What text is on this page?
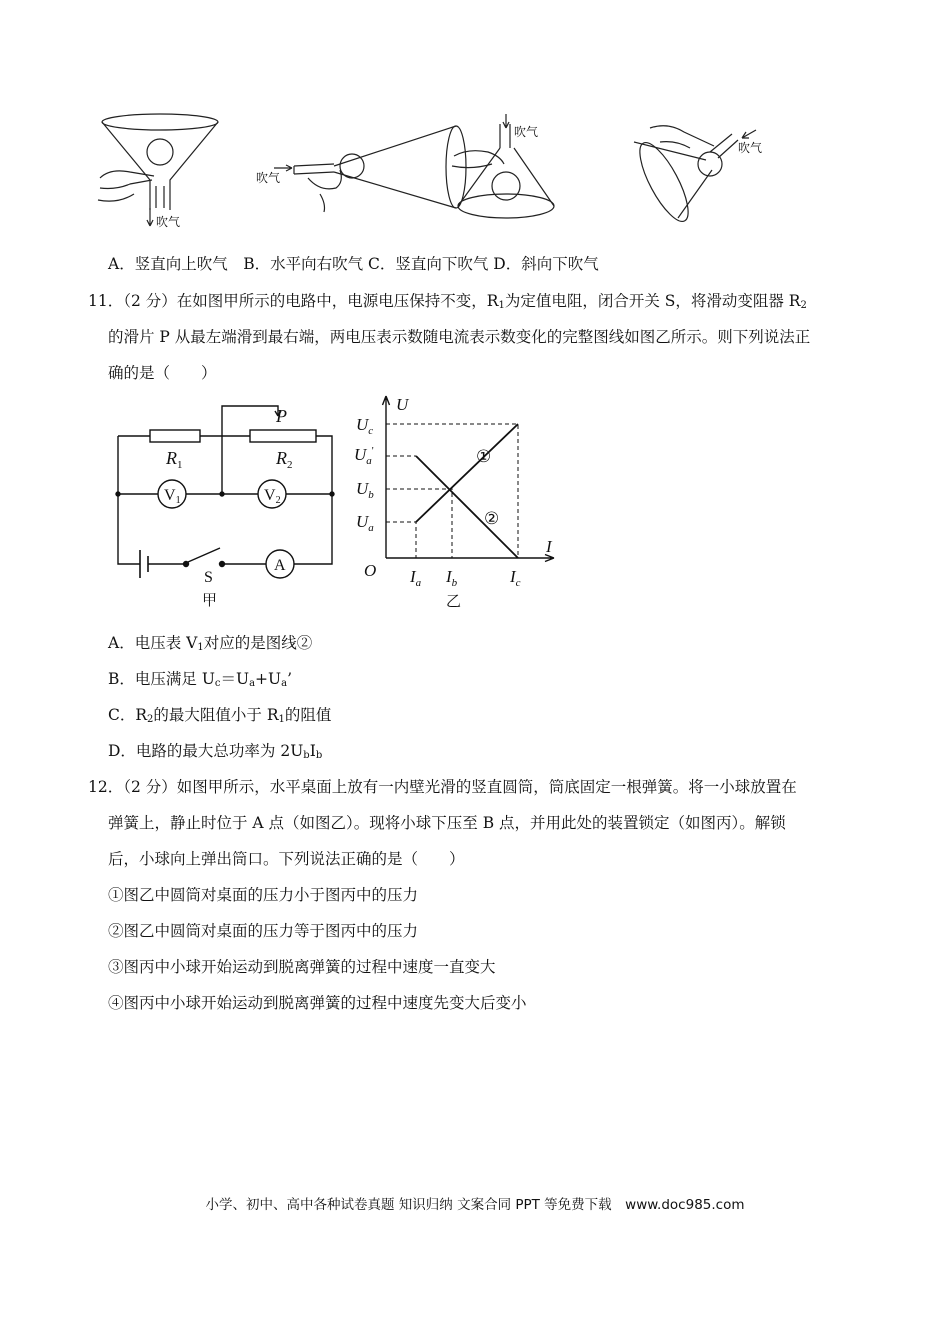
吹气
吹气
吹气
吹气
A．竖直向上吹气　B．水平向右吹气 C．竖直向下吹气 D．斜向下吹气
11．（2 分）在如图甲所示的电路中，电源电压保持不变，$R_1$为定值电阻，闭合开关 S，将滑动变阻器 $R_2$
的滑片 P 从最左端滑到最右端，两电压表示数随电流表示数变化的完整图线如图乙所示。则下列说法正
确的是（　　）
P
$R_1$	$R_2$
V1	V2
A
S
甲
U
I
O
$U_c$
$U_a'$
$U_b$
$U_a$
$I_a$ $I_b$	$I_c$
①
②
乙
A．电压表 $V_1$对应的是图线②
B．电压满足 $U_c=U_a+U_a$’
C．$R_2$的最大阻值小于 $R_1$的阻值
D．电路的最大总功率为 $2U_bI_b$
12．（2 分）如图甲所示，水平桌面上放有一内壁光滑的竖直圆筒，筒底固定一根弹簧。将一小球放置在
弹簧上，静止时位于 A 点（如图乙）。现将小球下压至 B 点，并用此处的装置锁定（如图丙）。解锁
后，小球向上弹出筒口。下列说法正确的是（　　）
①图乙中圆筒对桌面的压力小于图丙中的压力
②图乙中圆筒对桌面的压力等于图丙中的压力
③图丙中小球开始运动到脱离弹簧的过程中速度一直变大
④图丙中小球开始运动到脱离弹簧的过程中速度先变大后变小
小学、初中、高中各种试卷真题 知识归纳 文案合同 PPT 等免费下载　www.doc985.com
